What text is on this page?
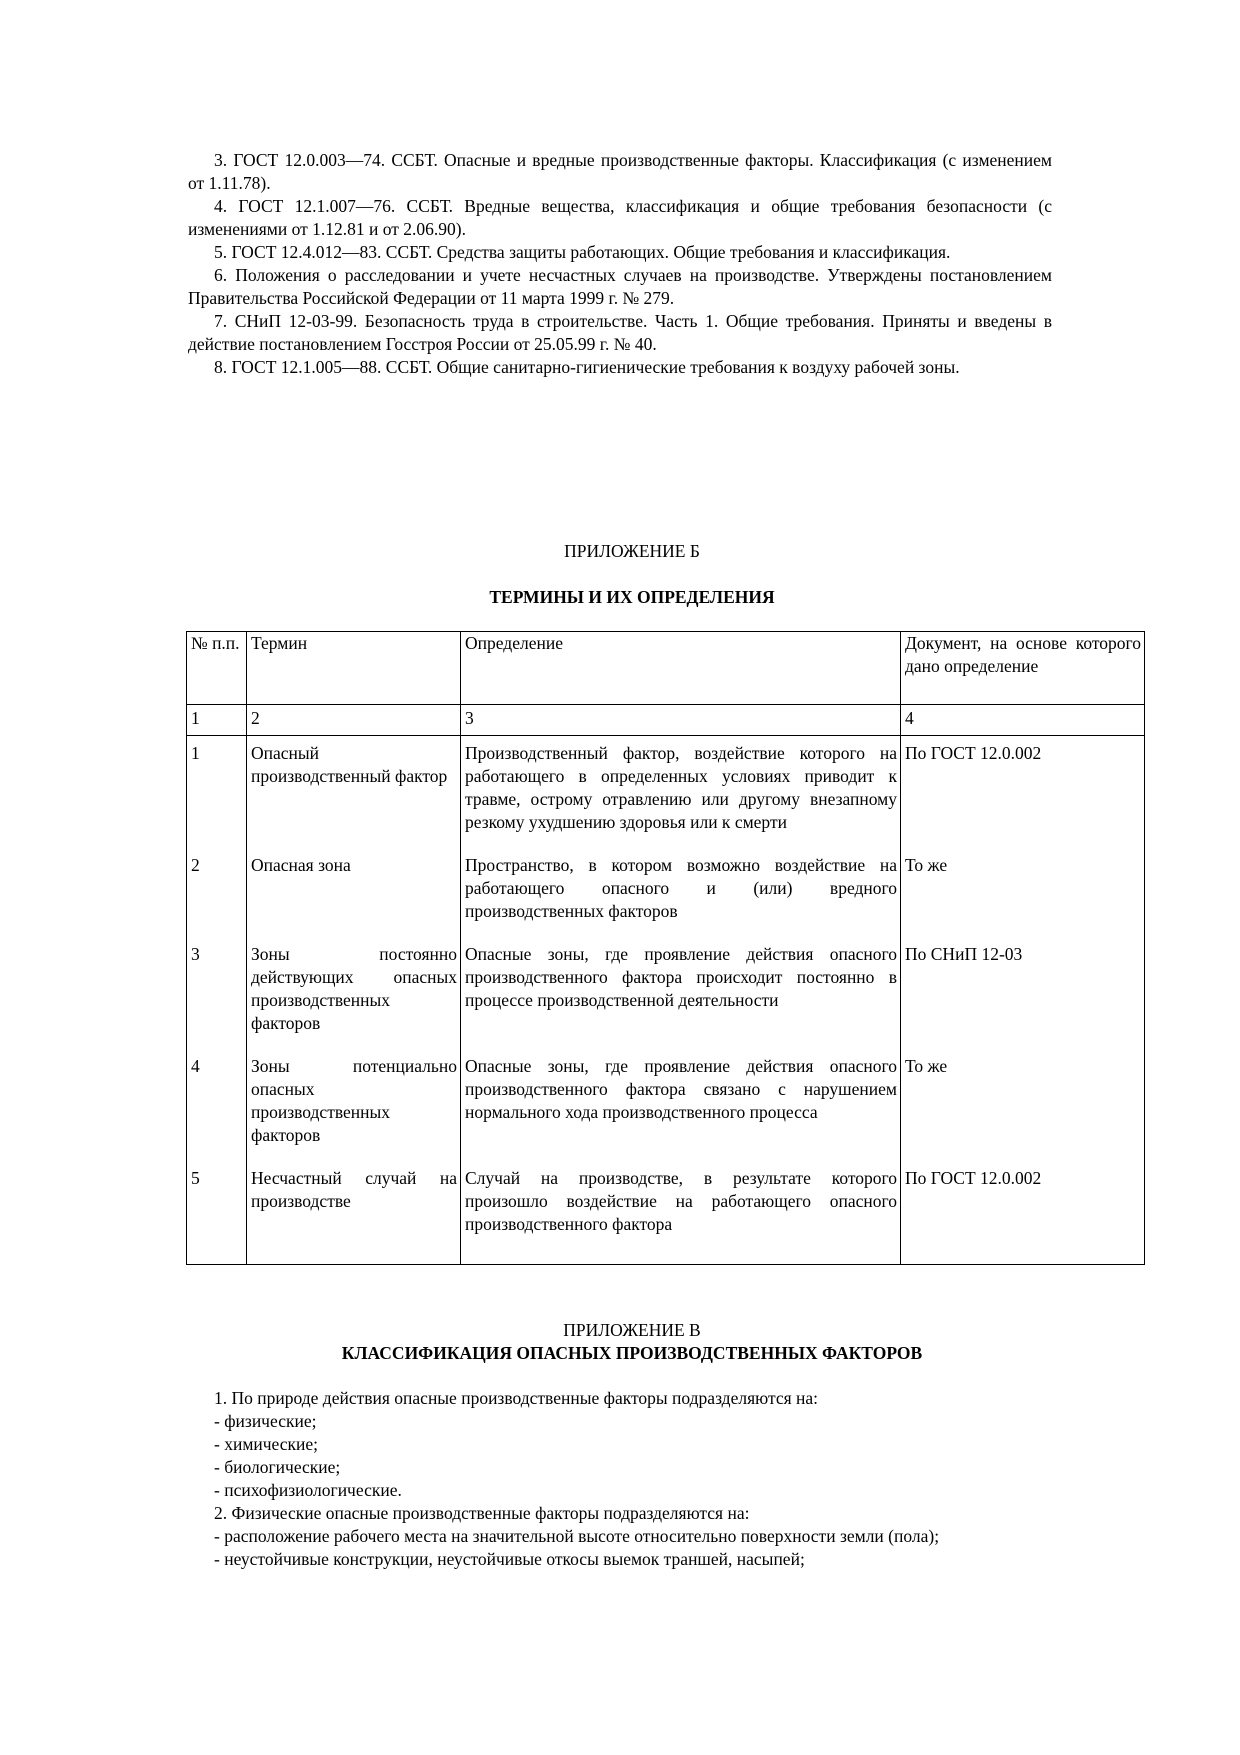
3. ГОСТ 12.0.003—74. ССБТ. Опасные и вредные производственные факторы. Классификация (с изменением от 1.11.78).

4. ГОСТ 12.1.007—76. ССБТ. Вредные вещества, классификация и общие требования безопасности (с изменениями от 1.12.81 и от 2.06.90).

5. ГОСТ 12.4.012—83. ССБТ. Средства защиты работающих. Общие требования и классификация.

6. Положения о расследовании и учете несчастных случаев на производстве. Утверждены постановлением Правительства Российской Федерации от 11 марта 1999 г. № 279.

7. СНиП 12-03-99. Безопасность труда в строительстве. Часть 1. Общие требования. Приняты и введены в действие постановлением Госстроя России от 25.05.99 г. № 40.

8. ГОСТ 12.1.005—88. ССБТ. Общие санитарно-гигиенические требования к воздуху рабочей зоны.

ПРИЛОЖЕНИЕ Б

ТЕРМИНЫ И ИХ ОПРЕДЕЛЕНИЯ

№ п.п.	Термин	Определение	Документ, на основе которого дано определение
1	2	3	4
1	Опасный производственный фактор	Производственный фактор, воздействие которого на работающего в определенных условиях приводит к травме, острому отравлению или другому внезапному резкому ухудшению здоровья или к смерти	По ГОСТ 12.0.002
2	Опасная зона	Пространство, в котором возможно воздействие на работающего опасного и (или) вредного производственных факторов	То же
3	Зоны постоянно действующих опасных производственных факторов	Опасные зоны, где проявление действия опасного производственного фактора происходит постоянно в процессе производственной деятельности	По СНиП 12-03
4	Зоны потенциально опасных производственных факторов	Опасные зоны, где проявление действия опасного производственного фактора связано с нарушением нормального хода производственного процесса	То же
5	Несчастный случай на производстве	Случай на производстве, в результате которого произошло воздействие на работающего опасного производственного фактора	По ГОСТ 12.0.002

ПРИЛОЖЕНИЕ В

КЛАССИФИКАЦИЯ ОПАСНЫХ ПРОИЗВОДСТВЕННЫХ ФАКТОРОВ

1. По природе действия опасные производственные факторы подразделяются на:

- физические;

- химические;

- биологические;

- психофизиологические.

2. Физические опасные производственные факторы подразделяются на:

- расположение рабочего места на значительной высоте относительно поверхности земли (пола);

- неустойчивые конструкции, неустойчивые откосы выемок траншей, насыпей;
